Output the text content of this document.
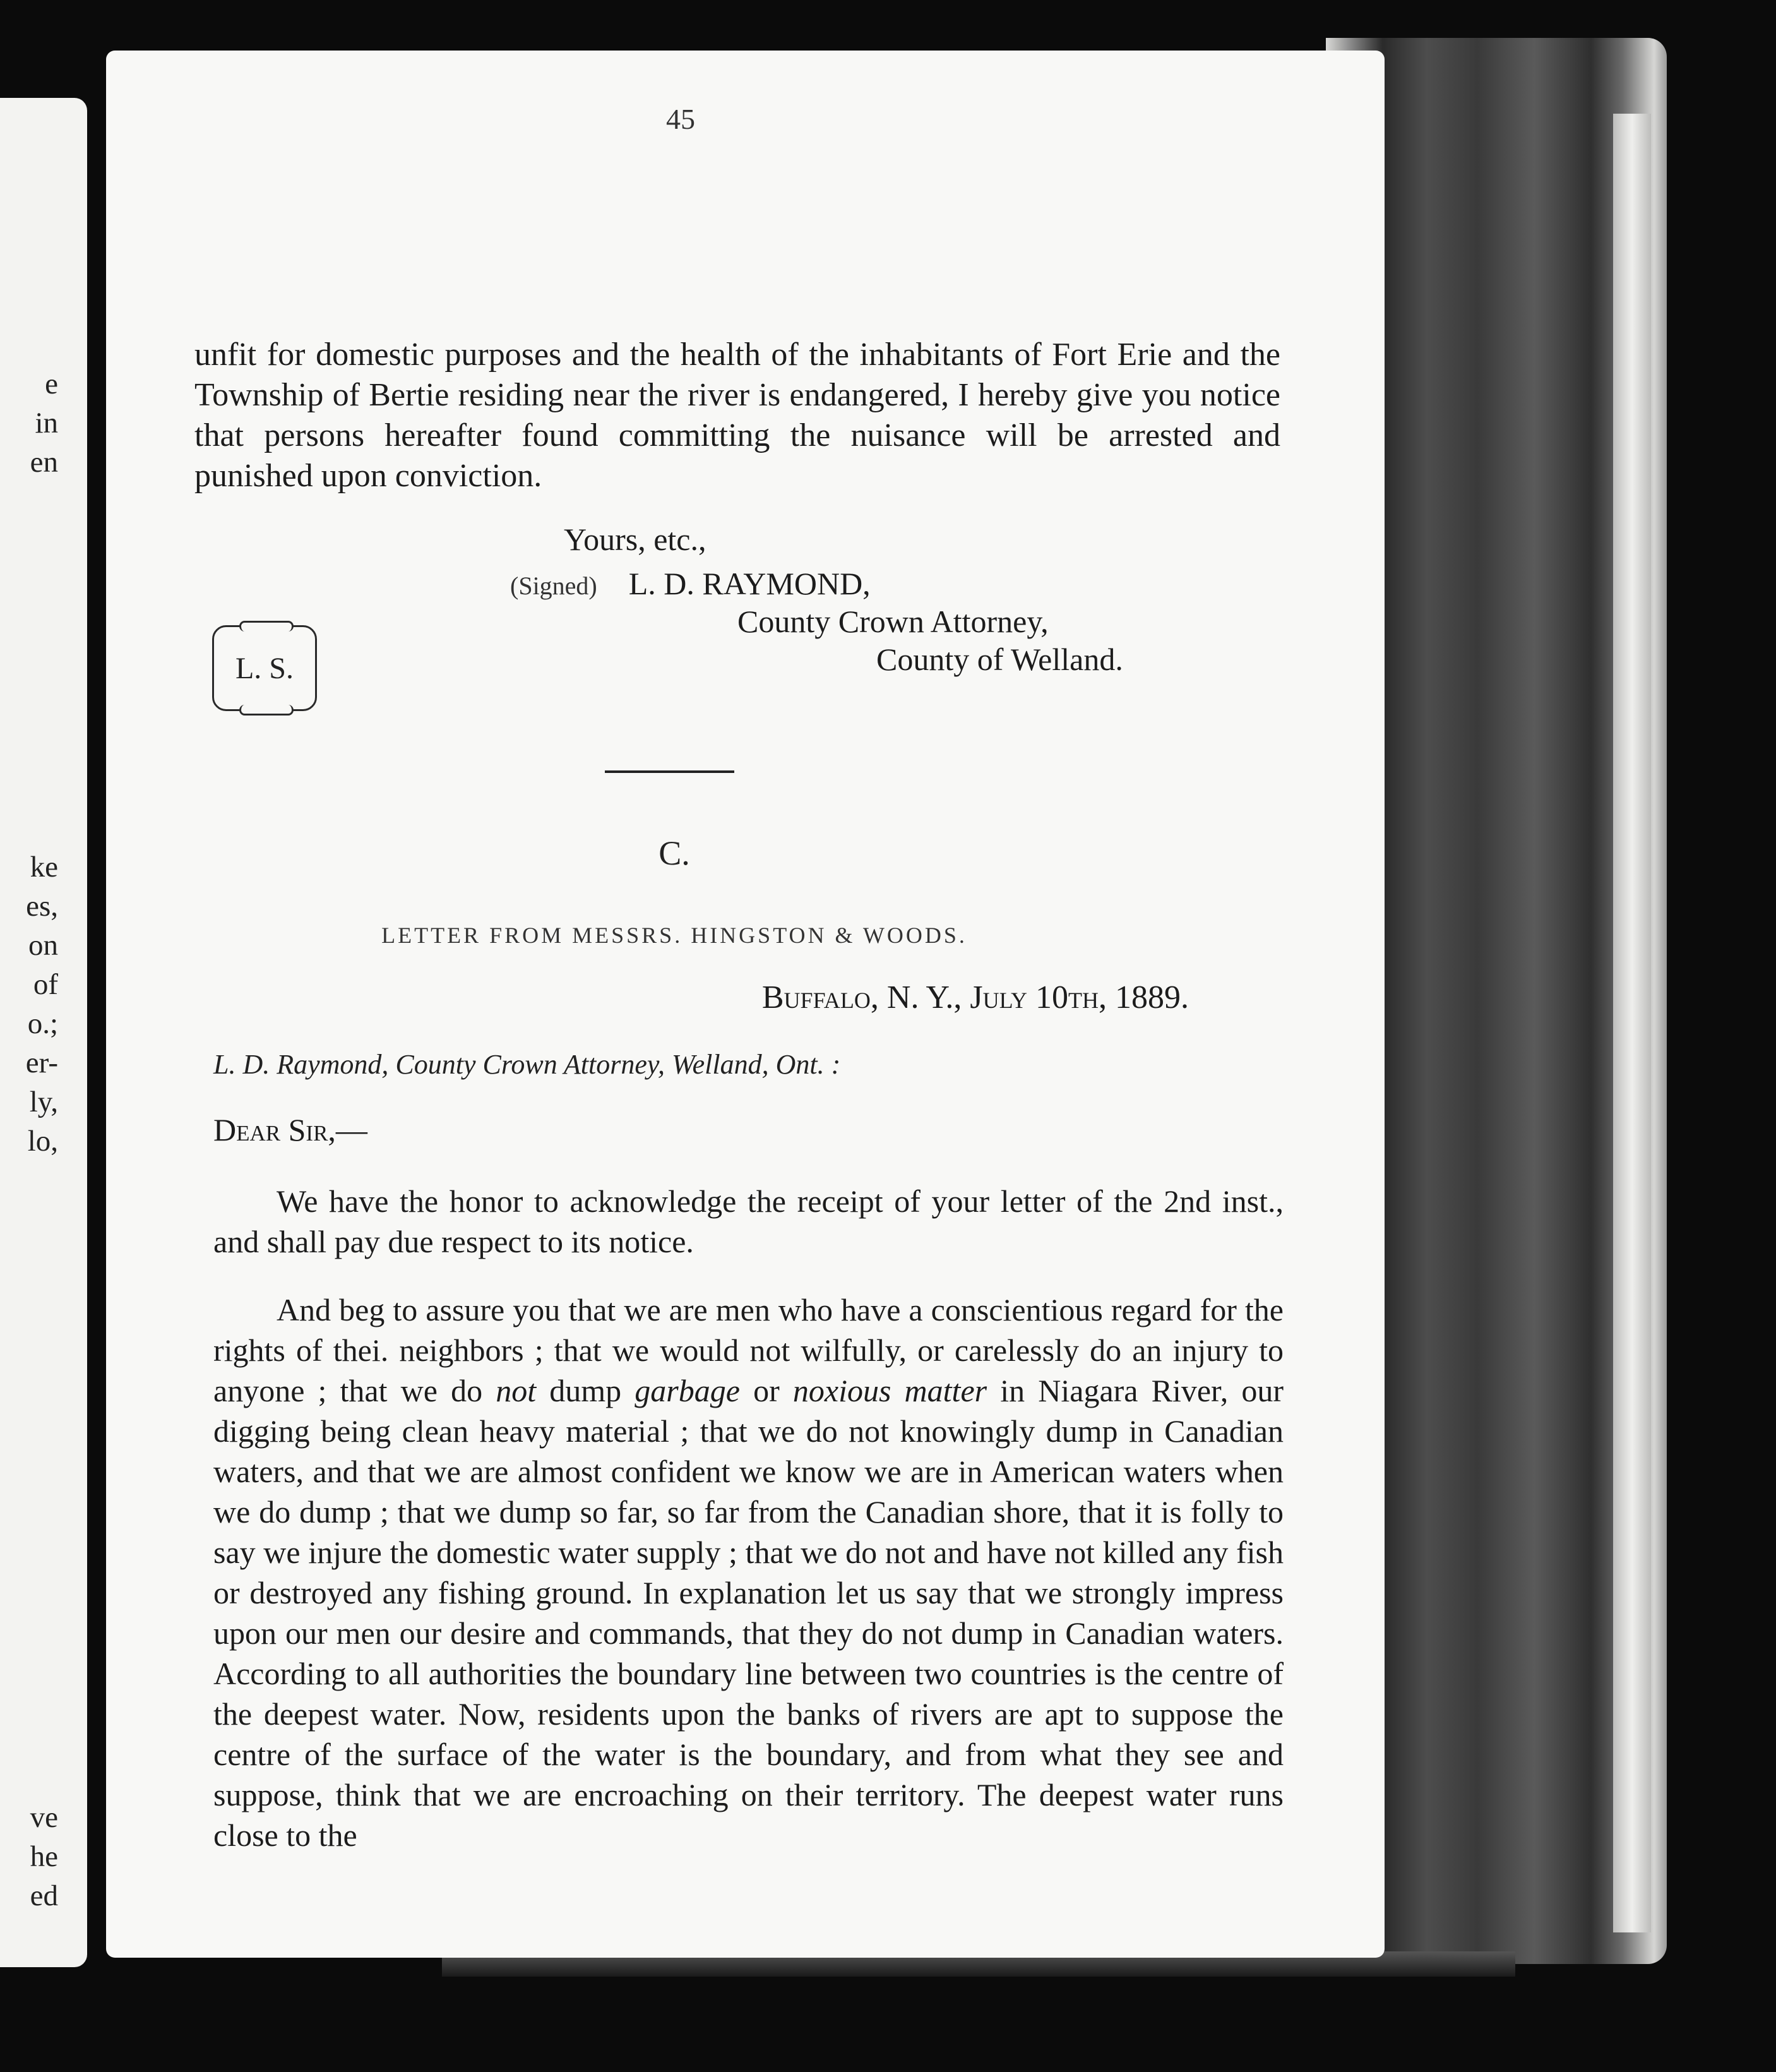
e
in
en
ke
es,
on
of
o.;
er-
ly,
lo,
ve
he
ed
45

unfit for domestic purposes and the health of the inhabitants of Fort Erie and the Township of Bertie residing near the river is endangered, I hereby give you notice that persons hereafter found committing the nuisance will be arrested and punished upon conviction.

Yours, etc.,
(Signed) L. D. RAYMOND,
County Crown Attorney,
County of Welland.
L. S.
C.
LETTER FROM MESSRS. HINGSTON & WOODS.
Buffalo, N. Y., July 10th, 1889.
L. D. Raymond, County Crown Attorney, Welland, Ont. :
Dear Sir,—

We have the honor to acknowledge the receipt of your letter of the 2nd inst., and shall pay due respect to its notice.

And beg to assure you that we are men who have a conscientious regard for the rights of thei. neighbors ; that we would not wilfully, or carelessly do an injury to anyone ; that we do not dump garbage or noxious matter in Niagara River, our digging being clean heavy material ; that we do not knowingly dump in Canadian waters, and that we are almost confident we know we are in American waters when we do dump ; that we dump so far, so far from the Canadian shore, that it is folly to say we injure the domestic water supply ; that we do not and have not killed any fish or destroyed any fishing ground. In explanation let us say that we strongly impress upon our men our desire and commands, that they do not dump in Canadian waters. According to all authorities the boundary line between two countries is the centre of the deepest water. Now, residents upon the banks of rivers are apt to suppose the centre of the surface of the water is the boundary, and from what they see and suppose, think that we are encroaching on their territory. The deepest water runs close to the
